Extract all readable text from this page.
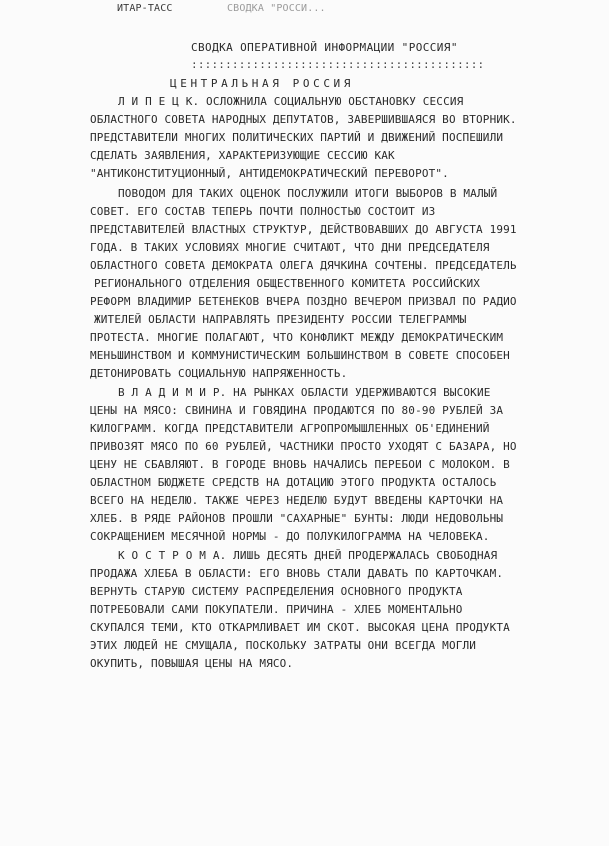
ИТАР-ТАСС	СВОДКА "РОССИ...
СВОДКА ОПЕРАТИВНОЙ ИНФОРМАЦИИ "РОССИЯ"
:::::::::::::::::::::::::::::::::::::::::::
ЦЕНТРАЛЬНАЯ РОССИЯ
Л И П Е Ц К. ОСЛОЖНИЛА СОЦИАЛЬНУЮ ОБСТАНОВКУ СЕССИЯ
ОБЛАСТНОГО СОВЕТА НАРОДНЫХ ДЕПУТАТОВ, ЗАВЕРШИВШАЯСЯ ВО ВТОРНИК.
ПРЕДСТАВИТЕЛИ МНОГИХ ПОЛИТИЧЕСКИХ ПАРТИЙ И ДВИЖЕНИЙ ПОСПЕШИЛИ
СДЕЛАТЬ ЗАЯВЛЕНИЯ, ХАРАКТЕРИЗУЮЩИЕ СЕССИЮ КАК
"АНТИКОНСТИТУЦИОННЫЙ, АНТИДЕМОКРАТИЧЕСКИЙ ПЕРЕВОРОТ".
ПОВОДОМ ДЛЯ ТАКИХ ОЦЕНОК ПОСЛУЖИЛИ ИТОГИ ВЫБОРОВ В МАЛЫЙ
СОВЕТ. ЕГО СОСТАВ ТЕПЕРЬ ПОЧТИ ПОЛНОСТЬЮ СОСТОИТ ИЗ
ПРЕДСТАВИТЕЛЕЙ ВЛАСТНЫХ СТРУКТУР, ДЕЙСТВОВАВШИХ ДО АВГУСТА 1991
ГОДА. В ТАКИХ УСЛОВИЯХ МНОГИЕ СЧИТАЮТ, ЧТО ДНИ ПРЕДСЕДАТЕЛЯ
ОБЛАСТНОГО СОВЕТА ДЕМОКРАТА ОЛЕГА ДЯЧКИНА СОЧТЕНЫ. ПРЕДСЕДАТЕЛЬ
РЕГИОНАЛЬНОГО ОТДЕЛЕНИЯ ОБЩЕСТВЕННОГО КОМИТЕТА РОССИЙСКИХ
РЕФОРМ ВЛАДИМИР БЕТЕНЕКОВ ВЧЕРА ПОЗДНО ВЕЧЕРОМ ПРИЗВАЛ ПО РАДИО
ЖИТЕЛЕЙ ОБЛАСТИ НАПРАВЛЯТЬ ПРЕЗИДЕНТУ РОССИИ ТЕЛЕГРАММЫ
ПРОТЕСТА. МНОГИЕ ПОЛАГАЮТ, ЧТО КОНФЛИКТ МЕЖДУ ДЕМОКРАТИЧЕСКИМ
МЕНЬШИНСТВОМ И КОММУНИСТИЧЕСКИМ БОЛЬШИНСТВОМ В СОВЕТЕ СПОСОБЕН
ДЕТОНИРОВАТЬ СОЦИАЛЬНУЮ НАПРЯЖЕННОСТЬ.
В Л А Д И М И Р. НА РЫНКАХ ОБЛАСТИ УДЕРЖИВАЮТСЯ ВЫСОКИЕ
ЦЕНЫ НА МЯСО: СВИНИНА И ГОВЯДИНА ПРОДАЮТСЯ ПО 80-90 РУБЛЕЙ ЗА
КИЛОГРАММ. КОГДА ПРЕДСТАВИТЕЛИ АГРОПРОМЫШЛЕННЫХ ОБ'ЕДИНЕНИЙ
ПРИВОЗЯТ МЯСО ПО 60 РУБЛЕЙ, ЧАСТНИКИ ПРОСТО УХОДЯТ С БАЗАРА, НО
ЦЕНУ НЕ СБАВЛЯЮТ. В ГОРОДЕ ВНОВЬ НАЧАЛИСЬ ПЕРЕБОИ С МОЛОКОМ. В
ОБЛАСТНОМ БЮДЖЕТЕ СРЕДСТВ НА ДОТАЦИЮ ЭТОГО ПРОДУКТА ОСТАЛОСЬ
ВСЕГО НА НЕДЕЛЮ. ТАКЖЕ ЧЕРЕЗ НЕДЕЛЮ БУДУТ ВВЕДЕНЫ КАРТОЧКИ НА
ХЛЕБ. В РЯДЕ РАЙОНОВ ПРОШЛИ "САХАРНЫЕ" БУНТЫ: ЛЮДИ НЕДОВОЛЬНЫ
СОКРАЩЕНИЕМ МЕСЯЧНОЙ НОРМЫ - ДО ПОЛУКИЛОГРАММА НА ЧЕЛОВЕКА.
К О С Т Р О М А. ЛИШЬ ДЕСЯТЬ ДНЕЙ ПРОДЕРЖАЛАСЬ СВОБОДНАЯ
ПРОДАЖА ХЛЕБА В ОБЛАСТИ: ЕГО ВНОВЬ СТАЛИ ДАВАТЬ ПО КАРТОЧКАМ.
ВЕРНУТЬ СТАРУЮ СИСТЕМУ РАСПРЕДЕЛЕНИЯ ОСНОВНОГО ПРОДУКТА
ПОТРЕБОВАЛИ САМИ ПОКУПАТЕЛИ. ПРИЧИНА - ХЛЕБ МОМЕНТАЛЬНО
СКУПАЛСЯ ТЕМИ, КТО ОТКАРМЛИВАЕТ ИМ СКОТ. ВЫСОКАЯ ЦЕНА ПРОДУКТА
ЭТИХ ЛЮДЕЙ НЕ СМУЩАЛА, ПОСКОЛЬКУ ЗАТРАТЫ ОНИ ВСЕГДА МОГЛИ
ОКУПИТЬ, ПОВЫШАЯ ЦЕНЫ НА МЯСО.
